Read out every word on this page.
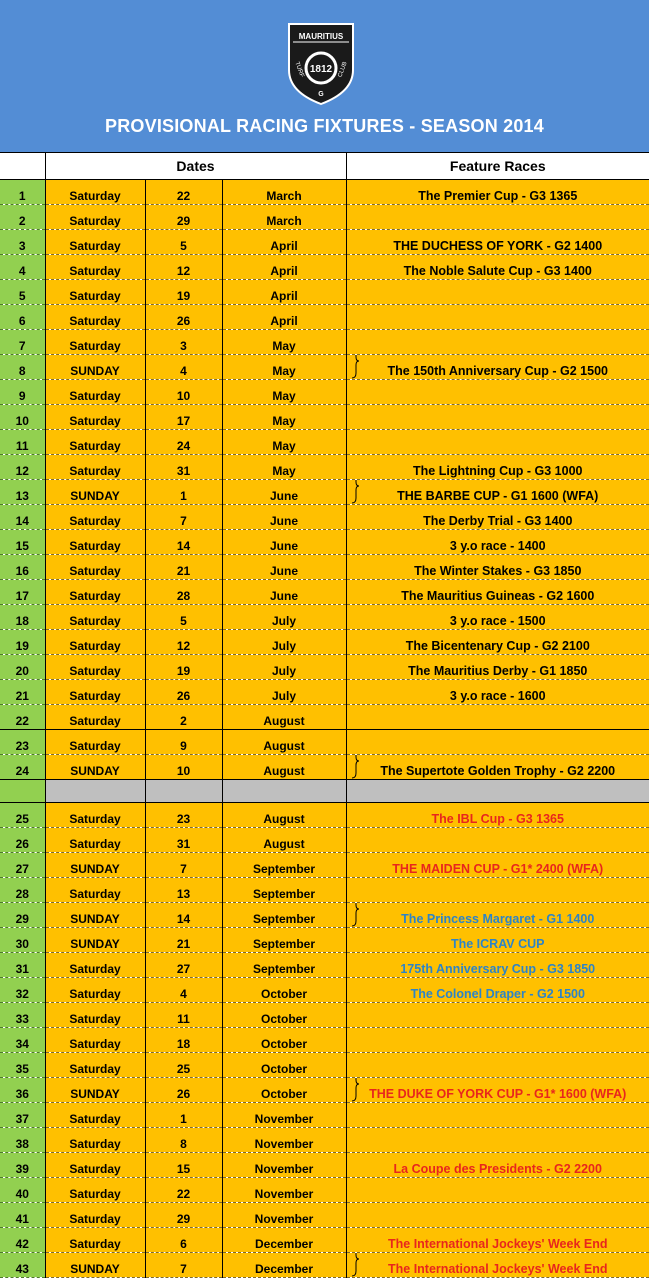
MAURITIUS
1812
TURF	CLUB
G
PROVISIONAL RACING FIXTURES - SEASON 2014
	Dates			Feature Races
1	Saturday	22	March	The Premier Cup - G3 1365
2	Saturday	29	March	
3	Saturday	5	April	THE DUCHESS OF YORK - G2 1400
4	Saturday	12	April	The Noble Salute Cup - G3 1400
5	Saturday	19	April	
6	Saturday	26	April	
7	Saturday	3	May	
8	SUNDAY	4	May	The 150th Anniversary Cup - G2 1500

9	Saturday	10	May	
10	Saturday	17	May	
11	Saturday	24	May	
12	Saturday	31	May	The Lightning Cup - G3 1000
13	SUNDAY	1	June	THE BARBE CUP - G1 1600 (WFA)

14	Saturday	7	June	The Derby Trial - G3 1400
15	Saturday	14	June	3 y.o race - 1400
16	Saturday	21	June	The Winter Stakes - G3 1850
17	Saturday	28	June	The Mauritius Guineas - G2 1600
18	Saturday	5	July	3 y.o race - 1500
19	Saturday	12	July	The Bicentenary Cup - G2 2100
20	Saturday	19	July	The Mauritius Derby - G1 1850
21	Saturday	26	July	3 y.o race - 1600
22	Saturday	2	August	
23	Saturday	9	August	
24	SUNDAY	10	August	The Supertote Golden Trophy - G2 2200

25	Saturday	23	August	The IBL Cup - G3 1365
26	Saturday	31	August	
27	SUNDAY	7	September	THE MAIDEN CUP - G1* 2400 (WFA)
28	Saturday	13	September	
29	SUNDAY	14	September	The Princess Margaret - G1 1400

30	SUNDAY	21	September	The ICRAV CUP
31	Saturday	27	September	175th Anniversary Cup - G3 1850
32	Saturday	4	October	The Colonel Draper - G2 1500
33	Saturday	11	October	
34	Saturday	18	October	
35	Saturday	25	October	
36	SUNDAY	26	October	THE DUKE OF YORK CUP - G1* 1600 (WFA)

37	Saturday	1	November	
38	Saturday	8	November	
39	Saturday	15	November	La Coupe des Presidents - G2 2200
40	Saturday	22	November	
41	Saturday	29	November	
42	Saturday	6	December	The International Jockeys' Week End
43	SUNDAY	7	December	The International Jockeys' Week End
